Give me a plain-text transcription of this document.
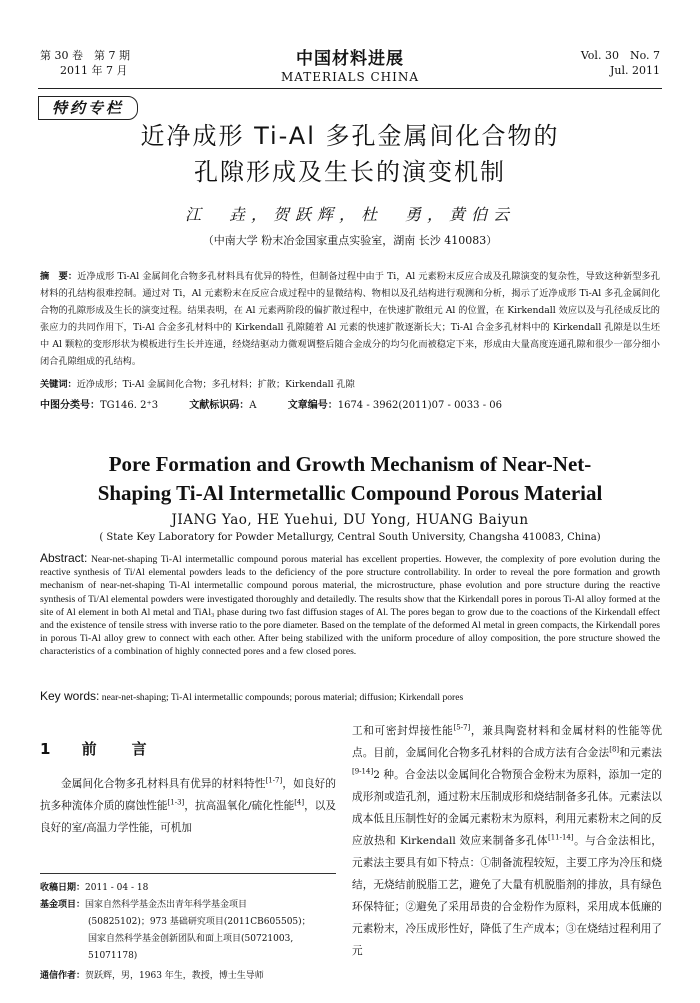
第 30 卷　第 7 期
2011 年 7 月
中国材料进展
MATERIALS CHINA
Vol. 30　No. 7
Jul. 2011
特约专栏
近净成形 Ti-Al 多孔金属间化合物的
孔隙形成及生长的演变机制
江　垚，贺跃辉，杜　勇，黄伯云
（中南大学 粉末冶金国家重点实验室，湖南 长沙 410083）
摘　要：近净成形 Ti-Al 金属间化合物多孔材料具有优异的特性，但制备过程中由于 Ti，Al 元素粉末反应合成及孔隙演变的复杂性，导致这种新型多孔材料的孔结构很难控制。通过对 Ti，Al 元素粉末在反应合成过程中的显微结构、物相以及孔结构进行观测和分析，揭示了近净成形 Ti-Al 多孔金属间化合物的孔隙形成及生长的演变过程。结果表明，在 Al 元素两阶段的偏扩散过程中，在快速扩散组元 Al 的位置，在 Kirkendall 效应以及与孔径成反比的张应力的共同作用下，Ti-Al 合金多孔材料中的 Kirkendall 孔隙随着 Al 元素的快速扩散逐渐长大；Ti-Al 合金多孔材料中的 Kirkendall 孔隙是以生坯中 Al 颗粒的变形形状为模板进行生长并连通，经烧结驱动力微观调整后随合金成分的均匀化而被稳定下来，形成由大量高度连通孔隙和很少一部分细小闭合孔隙组成的孔结构。
关键词：近净成形；Ti-Al 金属间化合物；多孔材料；扩散；Kirkendall 孔隙
中图分类号：TG146. 2⁺3	文献标识码：A	文章编号：1674 - 3962(2011)07 - 0033 - 06
Pore Formation and Growth Mechanism of Near-Net-
Shaping Ti-Al Intermetallic Compound Porous Material
JIANG Yao, HE Yuehui, DU Yong, HUANG Baiyun
( State Key Laboratory for Powder Metallurgy, Central South University, Changsha 410083, China)
Abstract: Near-net-shaping Ti-Al intermetallic compound porous material has excellent properties. However, the complexity of pore evolution during the reactive synthesis of Ti/Al elemental powders leads to the deficiency of the pore structure controllability. In order to reveal the pore formation and growth mechanism of near-net-shaping Ti-Al intermetallic compound porous material, the microstructure, phase evolution and pore structure during the reactive synthesis of Ti/Al elemental powders were investigated thoroughly and detailedly. The results show that the Kirkendall pores in porous Ti-Al alloy formed at the site of Al element in both Al metal and TiAl₃ phase during two fast diffusion stages of Al. The pores began to grow due to the coactions of the Kirkendall effect and the existence of tensile stress with inverse ratio to the pore diameter. Based on the template of the deformed Al metal in green compacts, the Kirkendall pores in porous Ti-Al alloy grew to connect with each other. After being stabilized with the uniform procedure of alloy composition, the pore structure showed the characteristics of a combination of highly connected pores and a few closed pores.
Key words: near-net-shaping; Ti-Al intermetallic compounds; porous material; diffusion; Kirkendall pores
1 前　言
金属间化合物多孔材料具有优异的材料特性[1-7]，如良好的抗多种流体介质的腐蚀性能[1-3]，抗高温氧化/硫化性能[4]，以及良好的室/高温力学性能，可机加
收稿日期：2011 - 04 - 18
基金项目：国家自然科学基金杰出青年科学基金项目
(50825102)；973 基础研究项目(2011CB605505)；
国家自然科学基金创新团队和面上项目(50721003,
51071178)
通信作者：贺跃辉，男，1963 年生，教授，博士生导师
工和可密封焊接性能[5-7]，兼具陶瓷材料和金属材料的性能等优点。目前，金属间化合物多孔材料的合成方法有合金法[8]和元素法[9-14]2 种。合金法以金属间化合物预合金粉末为原料，添加一定的成形剂或造孔剂，通过粉末压制成形和烧结制备多孔体。元素法以成本低且压制性好的金属元素粉末为原料，利用元素粉末之间的反应放热和 Kirkendall 效应来制备多孔体[11-14]。与合金法相比，元素法主要具有如下特点：①制备流程较短，主要工序为冷压和烧结，无烧结前脱脂工艺，避免了大量有机脱脂剂的排放，具有绿色环保特征；②避免了采用昂贵的合金粉作为原料，采用成本低廉的元素粉末，冷压成形性好，降低了生产成本；③在烧结过程利用了元
